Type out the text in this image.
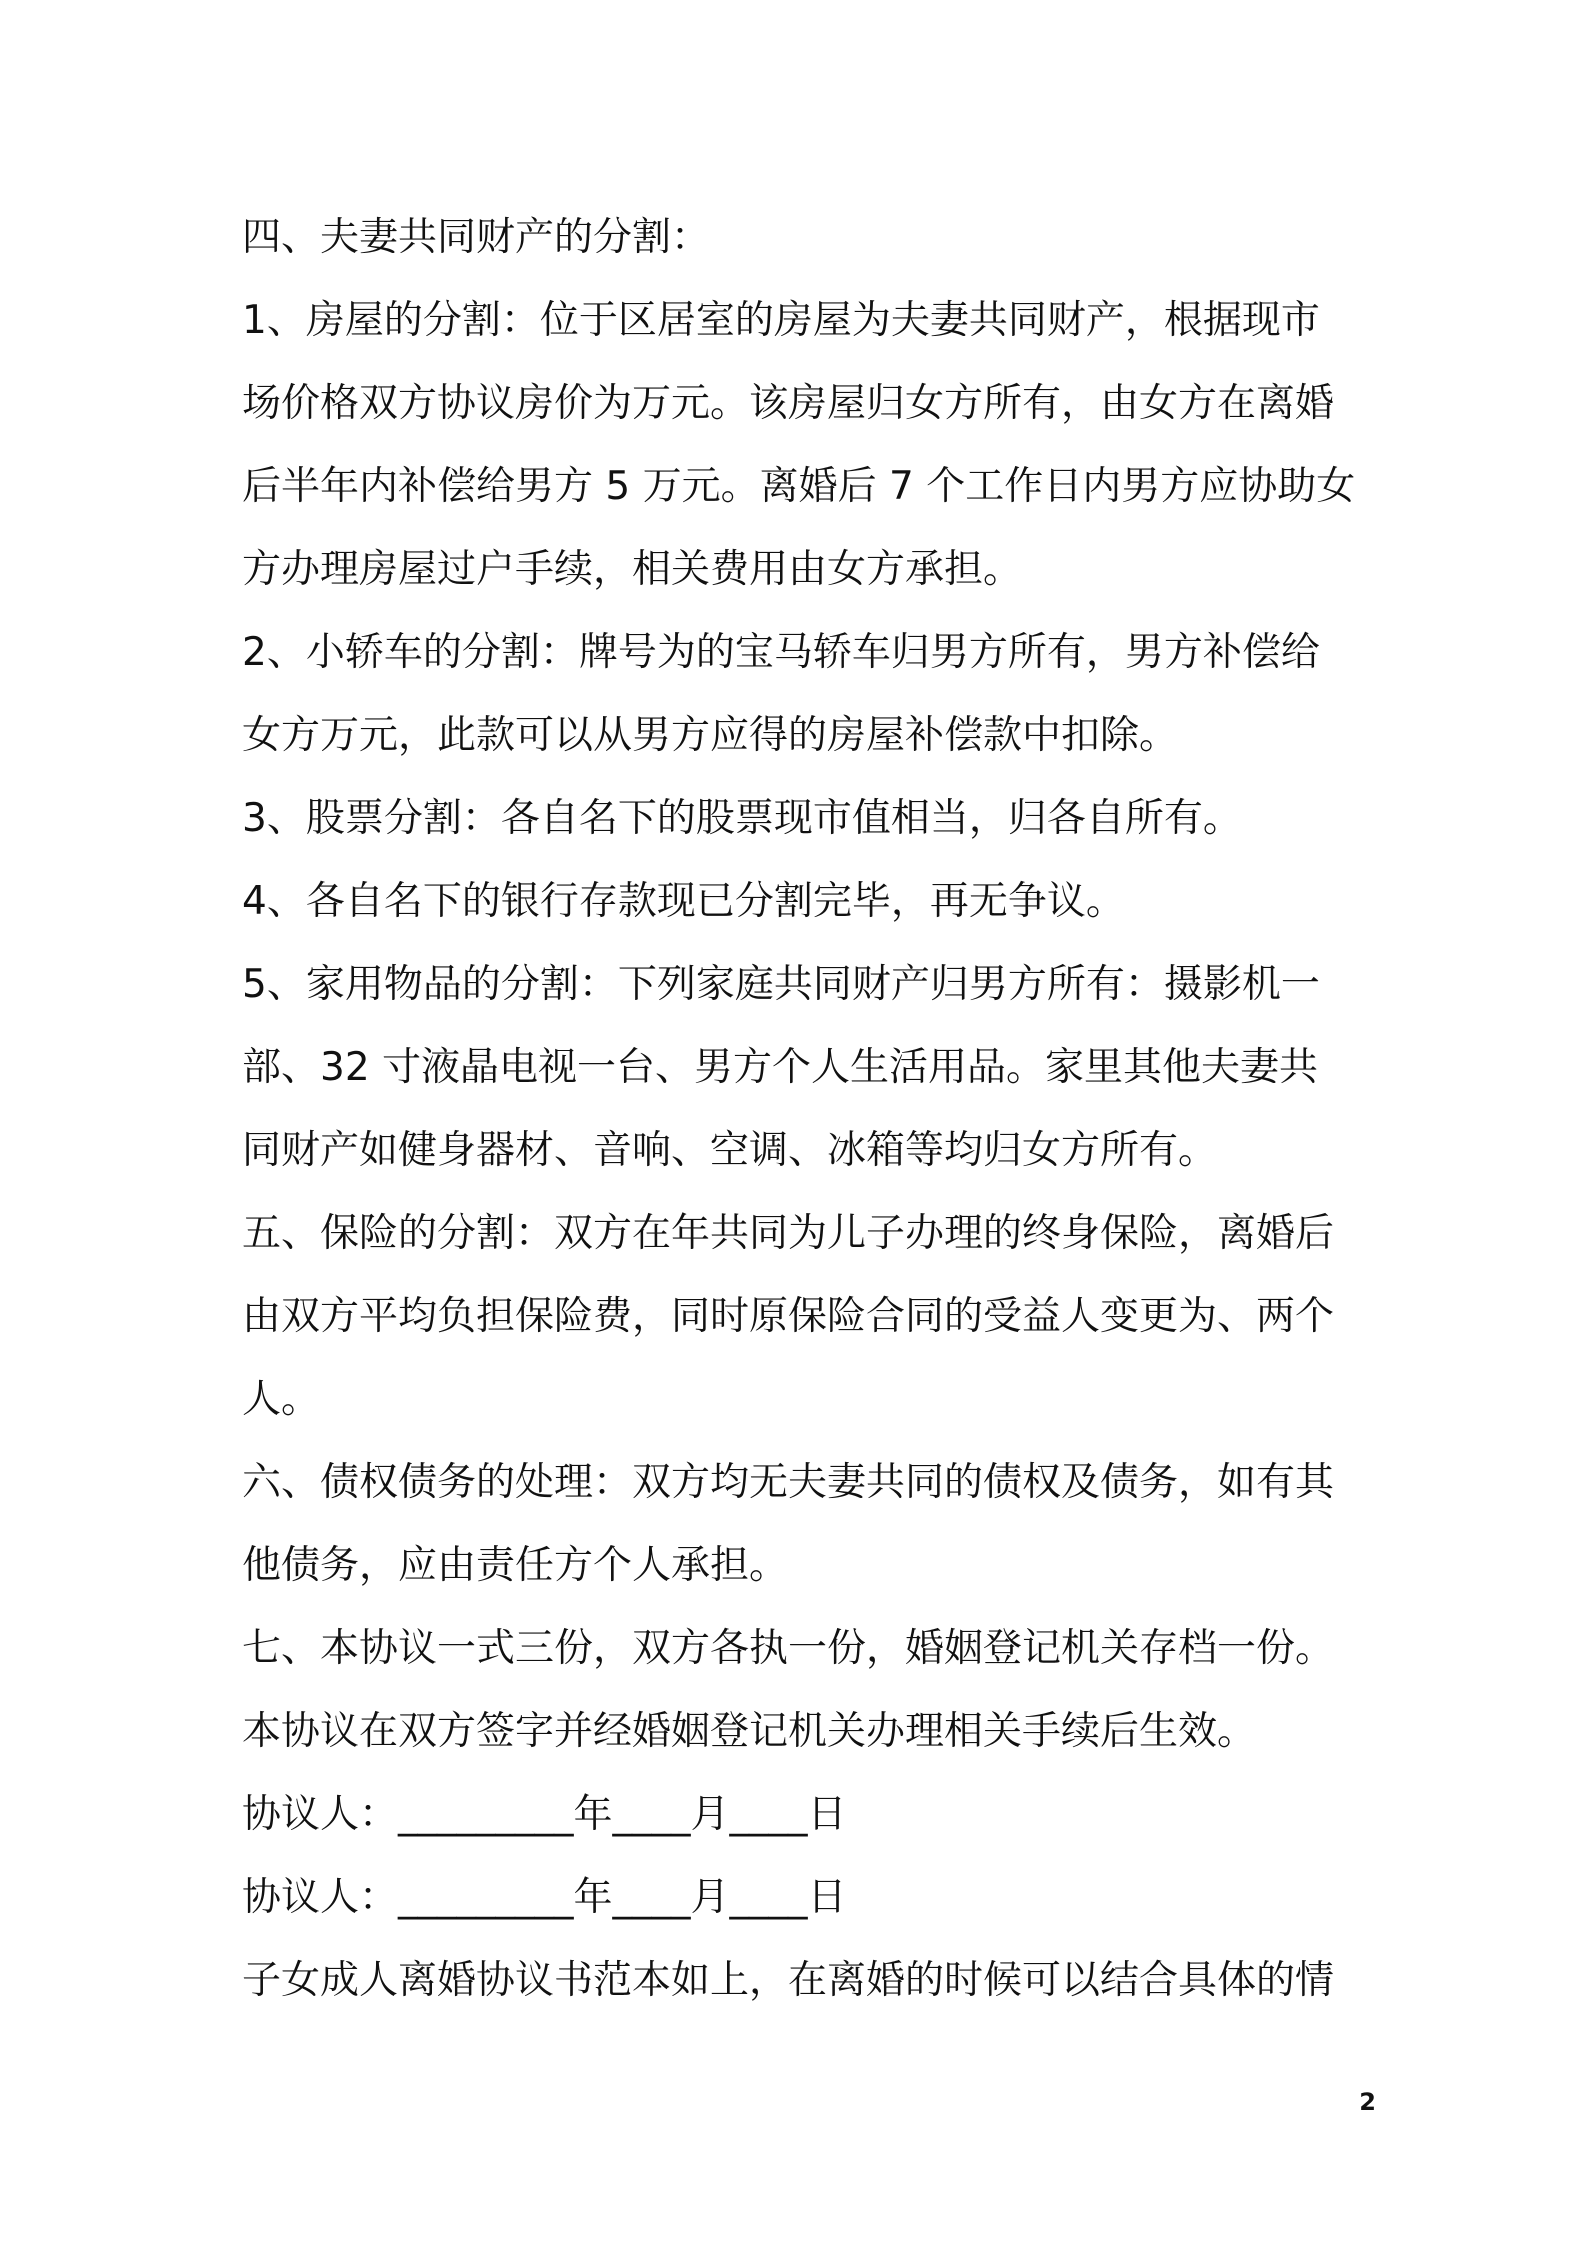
四、夫妻共同财产的分割：
1、房屋的分割：位于区居室的房屋为夫妻共同财产，根据现市
场价格双方协议房价为万元。该房屋归女方所有，由女方在离婚
后半年内补偿给男方 5 万元。离婚后 7 个工作日内男方应协助女
方办理房屋过户手续，相关费用由女方承担。
2、小轿车的分割：牌号为的宝马轿车归男方所有，男方补偿给
女方万元，此款可以从男方应得的房屋补偿款中扣除。
3、股票分割：各自名下的股票现市值相当，归各自所有。
4、各自名下的银行存款现已分割完毕，再无争议。
5、家用物品的分割：下列家庭共同财产归男方所有：摄影机一
部、32 寸液晶电视一台、男方个人生活用品。家里其他夫妻共
同财产如健身器材、音响、空调、冰箱等均归女方所有。
五、保险的分割：双方在年共同为儿子办理的终身保险，离婚后
由双方平均负担保险费，同时原保险合同的受益人变更为、两个
人。
六、债权债务的处理：双方均无夫妻共同的债权及债务，如有其
他债务，应由责任方个人承担。
七、本协议一式三份，双方各执一份，婚姻登记机关存档一份。
本协议在双方签字并经婚姻登记机关办理相关手续后生效。
协议人：_________年____月____日
协议人：_________年____月____日
子女成人离婚协议书范本如上，在离婚的时候可以结合具体的情
2
